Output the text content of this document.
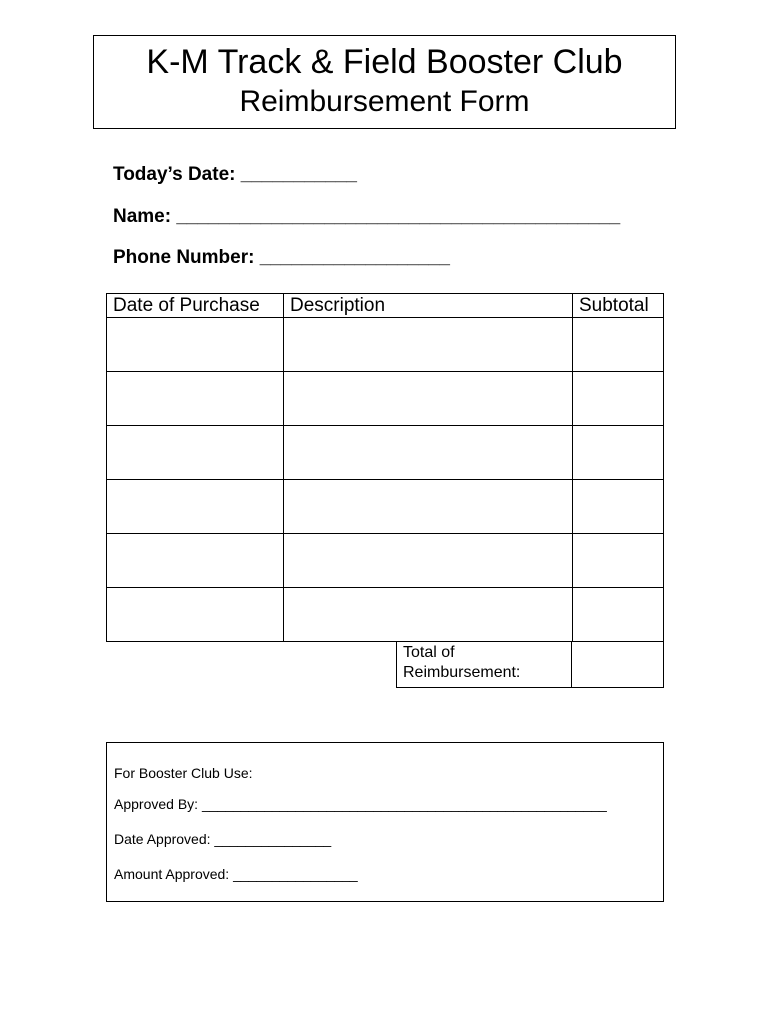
K-M Track & Field Booster Club
Reimbursement Form
Today’s Date: ___________
Name: __________________________________________
Phone Number: __________________
Date of Purchase	Description	Subtotal

Total of
Reimbursement:
For Booster Club Use:
Approved By: ____________________________________________________
Date Approved: _______________
Amount Approved: ________________
